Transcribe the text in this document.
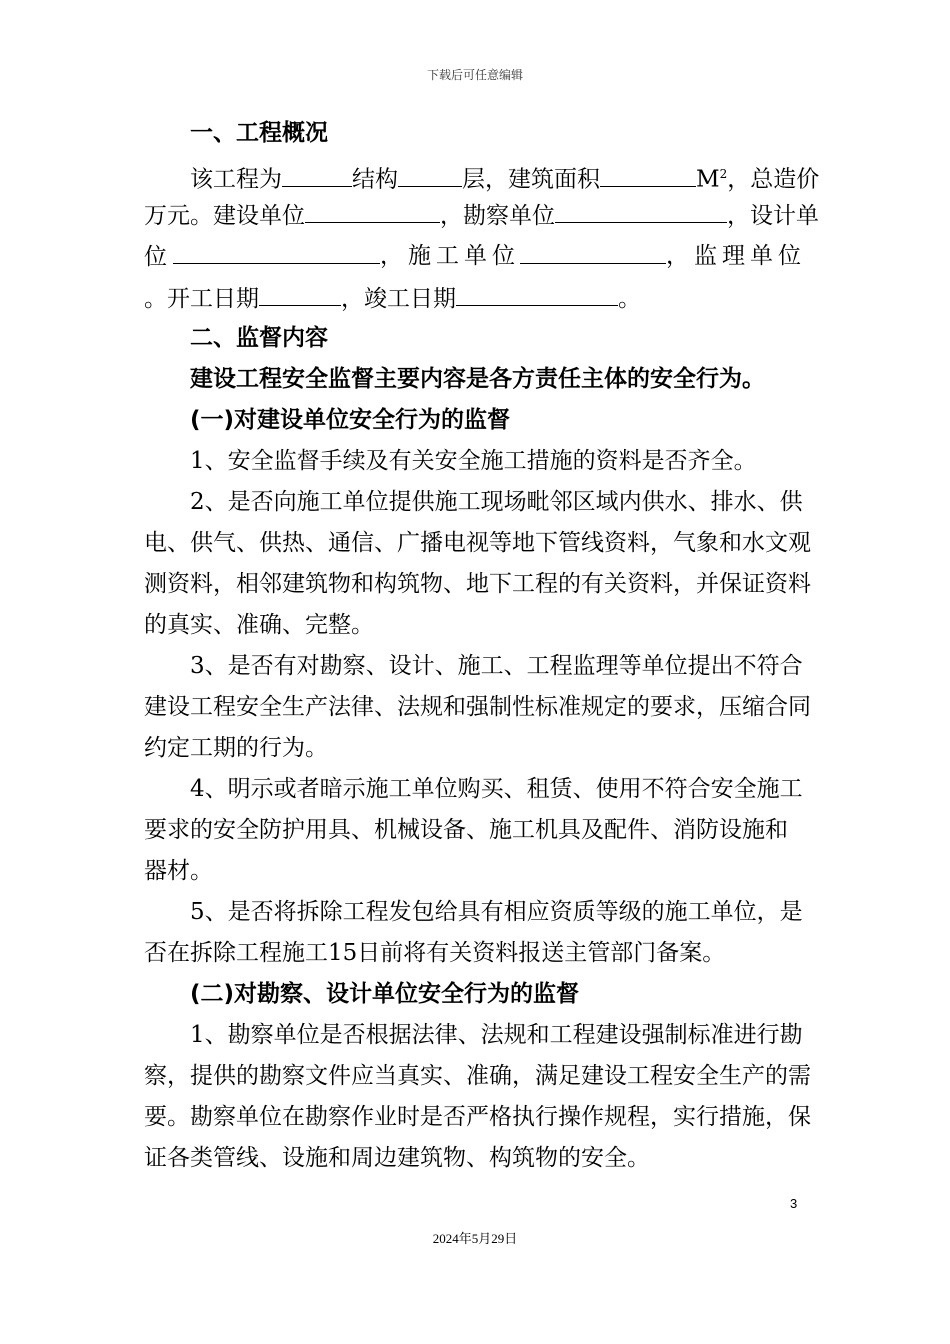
下载后可任意编辑
一、工程概况
该工程为	结构	层，建筑面积	$M^2$，总造价
万元。建设单位	，勘察单位	，设计单
位	，施工单位	，监理单位
。开工日期	，竣工日期	。
二、监督内容
建设工程安全监督主要内容是各方责任主体的安全行为。
(一)对建设单位安全行为的监督
1、安全监督手续及有关安全施工措施的资料是否齐全。
2、是否向施工单位提供施工现场毗邻区域内供水、排水、供
电、供气、供热、通信、广播电视等地下管线资料，气象和水文观
测资料，相邻建筑物和构筑物、地下工程的有关资料，并保证资料
的真实、准确、完整。
3、是否有对勘察、设计、施工、工程监理等单位提出不符合
建设工程安全生产法律、法规和强制性标准规定的要求，压缩合同
约定工期的行为。
4、明示或者暗示施工单位购买、租赁、使用不符合安全施工
要求的安全防护用具、机械设备、施工机具及配件、消防设施和
器材。
5、是否将拆除工程发包给具有相应资质等级的施工单位，是
否在拆除工程施工15日前将有关资料报送主管部门备案。
(二)对勘察、设计单位安全行为的监督
1、勘察单位是否根据法律、法规和工程建设强制标准进行勘
察，提供的勘察文件应当真实、准确，满足建设工程安全生产的需
要。勘察单位在勘察作业时是否严格执行操作规程，实行措施，保
证各类管线、设施和周边建筑物、构筑物的安全。
3
2024年5月29日
